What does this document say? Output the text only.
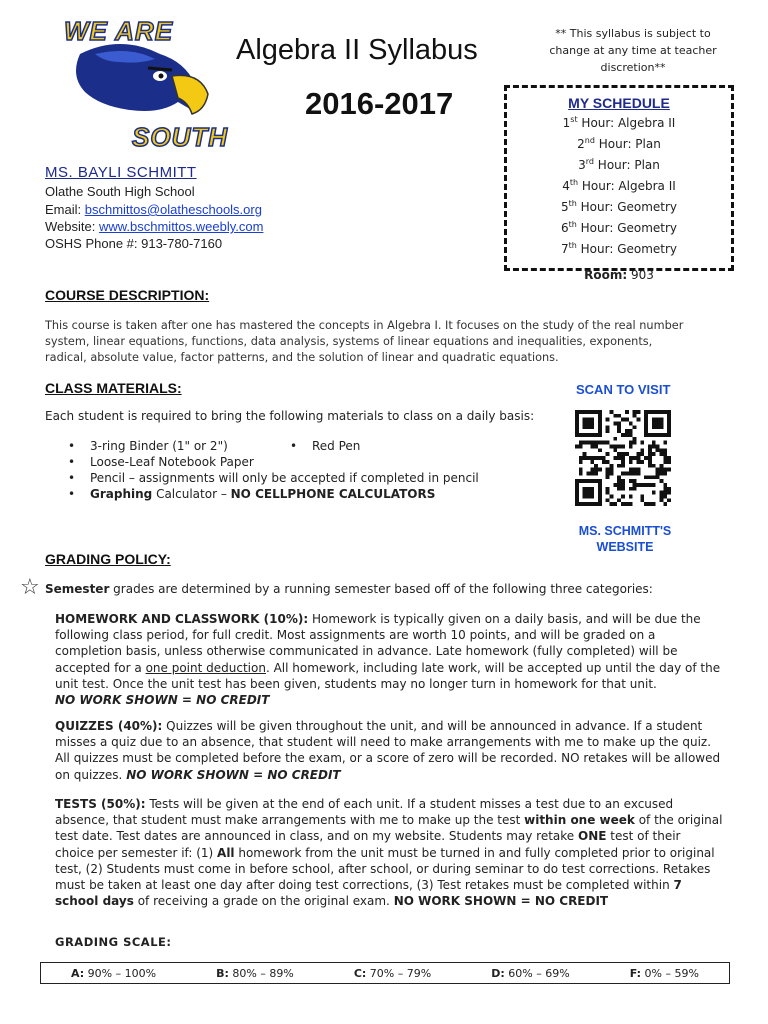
WE ARE
SOUTH
Algebra II Syllabus
2016-2017
** This syllabus is subject to change at any time at teacher discretion**
MY SCHEDULE
1st Hour: Algebra II
2nd Hour: Plan
3rd Hour: Plan
4th Hour: Algebra II
5th Hour: Geometry
6th Hour: Geometry
7th Hour: Geometry
Room: 903
MS. BAYLI SCHMITT
Olathe South High School
Email: bschmittos@olatheschools.org
Website: www.bschmittos.weebly.com
OSHS Phone #: 913-780-7160
COURSE DESCRIPTION:
This course is taken after one has mastered the concepts in Algebra I. It focuses on the study of the real number system, linear equations, functions, data analysis, systems of linear equations and inequalities, exponents, radical, absolute value, factor patterns, and the solution of linear and quadratic equations.
CLASS MATERIALS:
Each student is required to bring the following materials to class on a daily basis:
• 3-ring Binder (1" or 2")
•	Red Pen
• Loose-Leaf Notebook Paper
• Pencil – assignments will only be accepted if completed in pencil
• Graphing Calculator – NO CELLPHONE CALCULATORS
SCAN TO VISIT
MS. SCHMITT'S WEBSITE
GRADING POLICY:
☆ Semester grades are determined by a running semester based off of the following three categories:
HOMEWORK AND CLASSWORK (10%): Homework is typically given on a daily basis, and will be due the following class period, for full credit. Most assignments are worth 10 points, and will be graded on a completion basis, unless otherwise communicated in advance. Late homework (fully completed) will be accepted for a one point deduction. All homework, including late work, will be accepted up until the day of the unit test. Once the unit test has been given, students may no longer turn in homework for that unit.
NO WORK SHOWN = NO CREDIT
QUIZZES (40%): Quizzes will be given throughout the unit, and will be announced in advance. If a student misses a quiz due to an absence, that student will need to make arrangements with me to make up the quiz. All quizzes must be completed before the exam, or a score of zero will be recorded. NO retakes will be allowed on quizzes. NO WORK SHOWN = NO CREDIT
TESTS (50%): Tests will be given at the end of each unit. If a student misses a test due to an excused absence, that student must make arrangements with me to make up the test within one week of the original test date. Test dates are announced in class, and on my website. Students may retake ONE test of their choice per semester if: (1) All homework from the unit must be turned in and fully completed prior to original test, (2) Students must come in before school, after school, or during seminar to do test corrections. Retakes must be taken at least one day after doing test corrections, (3) Test retakes must be completed within 7 school days of receiving a grade on the original exam. NO WORK SHOWN = NO CREDIT
GRADING SCALE:
A: 90% – 100%	B: 80% – 89%	C: 70% – 79%	D: 60% – 69%	F: 0% – 59%
